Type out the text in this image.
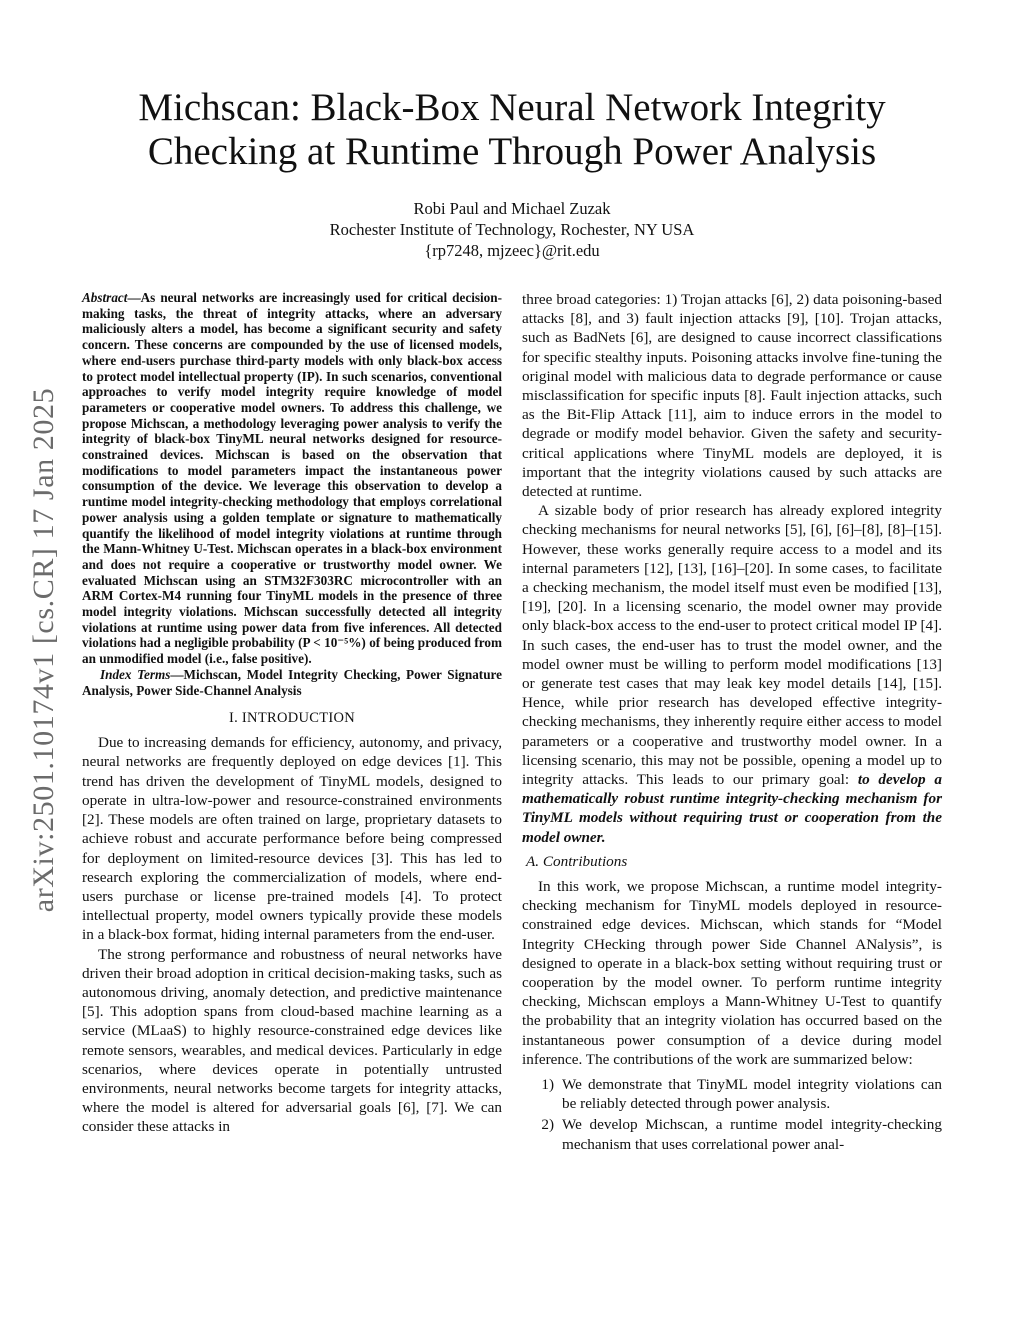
arXiv:2501.10174v1 [cs.CR] 17 Jan 2025
Michscan: Black-Box Neural Network Integrity
Checking at Runtime Through Power Analysis
Robi Paul and Michael Zuzak
Rochester Institute of Technology, Rochester, NY USA
{rp7248, mjzeec}@rit.edu

Abstract—As neural networks are increasingly used for critical decision-making tasks, the threat of integrity attacks, where an adversary maliciously alters a model, has become a significant security and safety concern. These concerns are compounded by the use of licensed models, where end-users purchase third-party models with only black-box access to protect model intellectual property (IP). In such scenarios, conventional approaches to verify model integrity require knowledge of model parameters or cooperative model owners. To address this challenge, we propose Michscan, a methodology leveraging power analysis to verify the integrity of black-box TinyML neural networks designed for resource-constrained devices. Michscan is based on the observation that modifications to model parameters impact the instantaneous power consumption of the device. We leverage this observation to develop a runtime model integrity-checking methodology that employs correlational power analysis using a golden template or signature to mathematically quantify the likelihood of model integrity violations at runtime through the Mann-Whitney U-Test. Michscan operates in a black-box environment and does not require a cooperative or trustworthy model owner. We evaluated Michscan using an STM32F303RC microcontroller with an ARM Cortex-M4 running four TinyML models in the presence of three model integrity violations. Michscan successfully detected all integrity violations at runtime using power data from five inferences. All detected violations had a negligible probability (P < 10⁻⁵%) of being produced from an unmodified model (i.e., false positive).

Index Terms—Michscan, Model Integrity Checking, Power Signature Analysis, Power Side-Channel Analysis

I. INTRODUCTION

Due to increasing demands for efficiency, autonomy, and privacy, neural networks are frequently deployed on edge devices [1]. This trend has driven the development of TinyML models, designed to operate in ultra-low-power and resource-constrained environments [2]. These models are often trained on large, proprietary datasets to achieve robust and accurate performance before being compressed for deployment on limited-resource devices [3]. This has led to research exploring the commercialization of models, where end-users purchase or license pre-trained models [4]. To protect intellectual property, model owners typically provide these models in a black-box format, hiding internal parameters from the end-user.

The strong performance and robustness of neural networks have driven their broad adoption in critical decision-making tasks, such as autonomous driving, anomaly detection, and predictive maintenance [5]. This adoption spans from cloud-based machine learning as a service (MLaaS) to highly resource-constrained edge devices like remote sensors, wearables, and medical devices. Particularly in edge scenarios, where devices operate in potentially untrusted environments, neural networks become targets for integrity attacks, where the model is altered for adversarial goals [6], [7]. We can consider these attacks in

three broad categories: 1) Trojan attacks [6], 2) data poisoning-based attacks [8], and 3) fault injection attacks [9], [10]. Trojan attacks, such as BadNets [6], are designed to cause incorrect classifications for specific stealthy inputs. Poisoning attacks involve fine-tuning the original model with malicious data to degrade performance or cause misclassification for specific inputs [8]. Fault injection attacks, such as the Bit-Flip Attack [11], aim to induce errors in the model to degrade or modify model behavior. Given the safety and security-critical applications where TinyML models are deployed, it is important that the integrity violations caused by such attacks are detected at runtime.

A sizable body of prior research has already explored integrity checking mechanisms for neural networks [5], [6], [6]–[8], [8]–[15]. However, these works generally require access to a model and its internal parameters [12], [13], [16]–[20]. In some cases, to facilitate a checking mechanism, the model itself must even be modified [13], [19], [20]. In a licensing scenario, the model owner may provide only black-box access to the end-user to protect critical model IP [4]. In such cases, the end-user has to trust the model owner, and the model owner must be willing to perform model modifications [13] or generate test cases that may leak key model details [14], [15]. Hence, while prior research has developed effective integrity-checking mechanisms, they inherently require either access to model parameters or a cooperative and trustworthy model owner. In a licensing scenario, this may not be possible, opening a model up to integrity attacks. This leads to our primary goal: to develop a mathematically robust runtime integrity-checking mechanism for TinyML models without requiring trust or cooperation from the model owner.

A. Contributions

In this work, we propose Michscan, a runtime model integrity-checking mechanism for TinyML models deployed in resource-constrained edge devices. Michscan, which stands for “Model Integrity CHecking through power Side Channel ANalysis”, is designed to operate in a black-box setting without requiring trust or cooperation by the model owner. To perform runtime integrity checking, Michscan employs a Mann-Whitney U-Test to quantify the probability that an integrity violation has occurred based on the instantaneous power consumption of a device during model inference. The contributions of the work are summarized below:

1) We demonstrate that TinyML model integrity violations can be reliably detected through power analysis.
2) We develop Michscan, a runtime model integrity-checking mechanism that uses correlational power anal-
